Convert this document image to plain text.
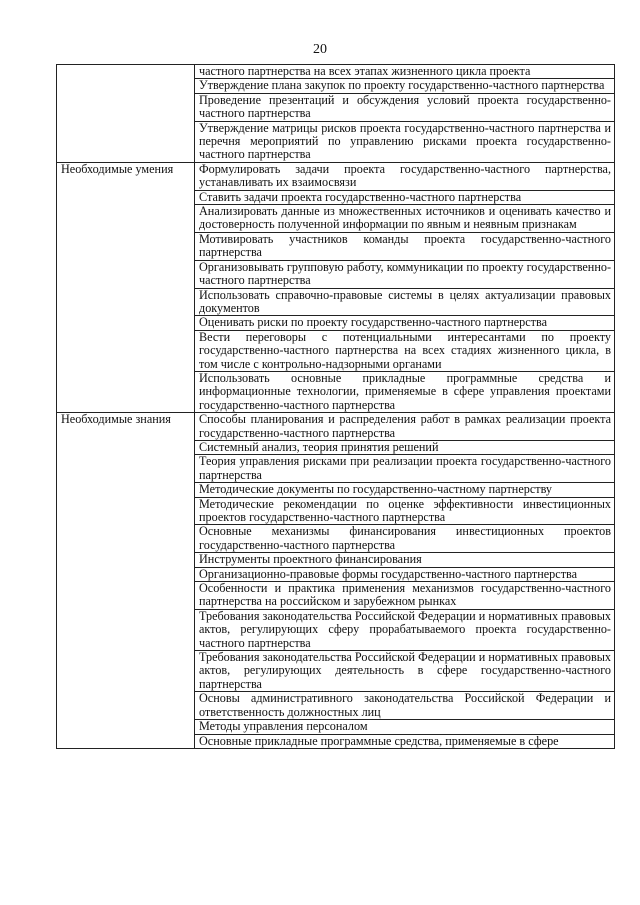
20
	частного партнерства на всех этапах жизненного цикла проекта
	Утверждение плана закупок по проекту государственно-частного партнерства
	Проведение презентаций и обсуждения условий проекта государственно-частного партнерства
	Утверждение матрицы рисков проекта государственно-частного партнерства и перечня мероприятий по управлению рисками проекта государственно-частного партнерства
Необходимые умения	Формулировать задачи проекта государственно-частного партнерства, устанавливать их взаимосвязи
	Ставить задачи проекта государственно-частного партнерства
	Анализировать данные из множественных источников и оценивать качество и достоверность полученной информации по явным и неявным признакам
	Мотивировать участников команды проекта государственно-частного партнерства
	Организовывать групповую работу, коммуникации по проекту государственно-частного партнерства
	Использовать справочно-правовые системы в целях актуализации правовых документов
	Оценивать риски по проекту государственно-частного партнерства
	Вести переговоры с потенциальными интересантами по проекту государственно-частного партнерства на всех стадиях жизненного цикла, в том числе с контрольно-надзорными органами
	Использовать основные прикладные программные средства и информационные технологии, применяемые в сфере управления проектами государственно-частного партнерства
Необходимые знания	Способы планирования и распределения работ в рамках реализации проекта государственно-частного партнерства
	Системный анализ, теория принятия решений
	Теория управления рисками при реализации проекта государственно-частного партнерства
	Методические документы по государственно-частному партнерству
	Методические рекомендации по оценке эффективности инвестиционных проектов государственно-частного партнерства
	Основные механизмы финансирования инвестиционных проектов государственно-частного партнерства
	Инструменты проектного финансирования
	Организационно-правовые формы государственно-частного партнерства
	Особенности и практика применения механизмов государственно-частного партнерства на российском и зарубежном рынках
	Требования законодательства Российской Федерации и нормативных правовых актов, регулирующих сферу прорабатываемого проекта государственно-частного партнерства
	Требования законодательства Российской Федерации и нормативных правовых актов, регулирующих деятельность в сфере государственно-частного партнерства
	Основы административного законодательства Российской Федерации и ответственность должностных лиц
	Методы управления персоналом
	Основные прикладные программные средства, применяемые в сфере
